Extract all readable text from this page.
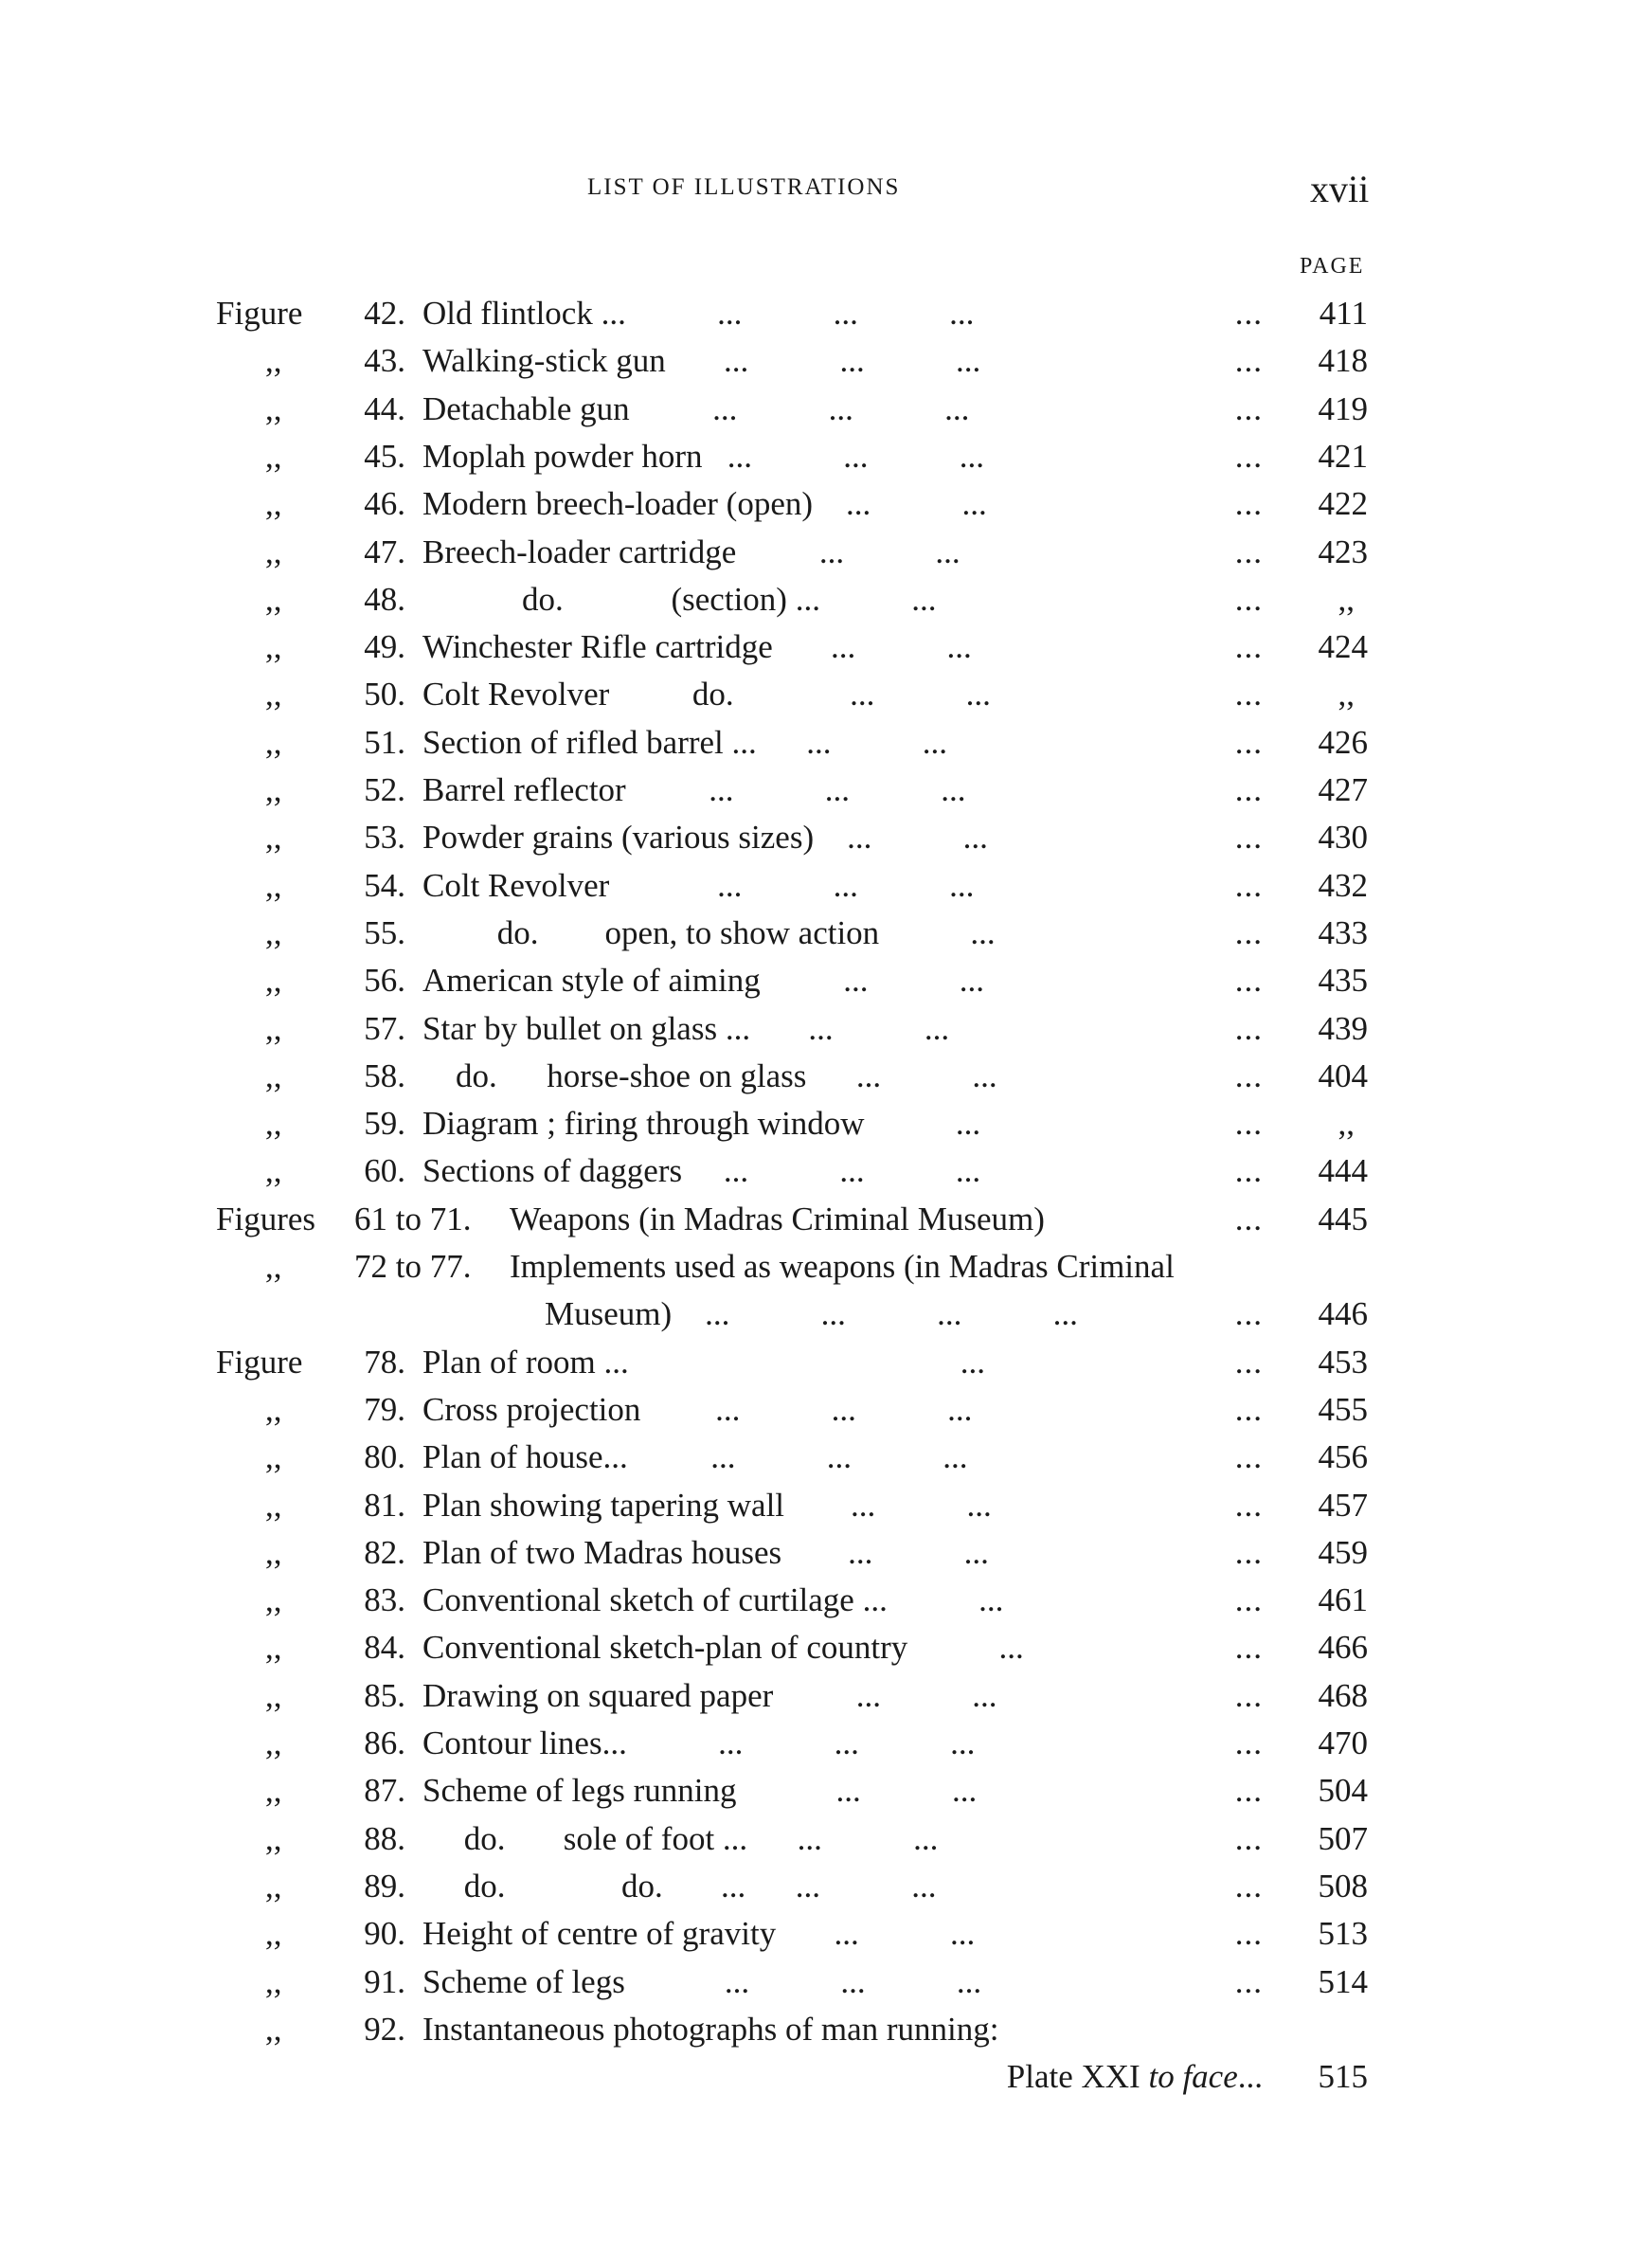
LIST OF ILLUSTRATIONS	xvii
PAGE
Figure	42. Old flintlock ...           ...           ...           ...	...	411
,,	43. Walking-stick gun       ...           ...           ...	...	418
,,	44. Detachable gun          ...           ...           ...	...	419
,,	45. Moplah powder horn   ...           ...           ...	...	421
,,	46. Modern breech-loader (open)    ...           ...	...	422
,,	47. Breech-loader cartridge          ...           ...	...	423
,,	48. do.             (section) ...           ...	...	,,
,,	49. Winchester Rifle cartridge       ...           ...	...	424
,,	50. Colt Revolver          do.              ...           ...	...	,,
,,	51. Section of rifled barrel ...      ...           ...	...	426
,,	52. Barrel reflector          ...           ...           ...	...	427
,,	53. Powder grains (various sizes)    ...           ...	...	430
,,	54. Colt Revolver             ...           ...           ...	...	432
,,	55. do.        open, to show action           ...	...	433
,,	56. American style of aiming          ...           ...	...	435
,,	57. Star by bullet on glass ...       ...           ...	...	439
,,	58. do.      horse-shoe on glass      ...           ...	...	404
,,	59. Diagram ; firing through window           ...	...	,,
,,	60. Sections of daggers     ...           ...           ...	...	444
Figures 61 to 71. Weapons (in Madras Criminal Museum)	...	445
,, 72 to 77. Implements used as weapons (in Madras Criminal
Museum)    ...           ...           ...           ...	...	446
Figure	78. Plan of room ...                                        ...	...	453
,,	79. Cross projection         ...           ...           ...	...	455
,,	80. Plan of house...          ...           ...           ...	...	456
,,	81. Plan showing tapering wall        ...           ...	...	457
,,	82. Plan of two Madras houses        ...           ...	...	459
,,	83. Conventional sketch of curtilage ...           ...	...	461
,,	84. Conventional sketch-plan of country           ...	...	466
,,	85. Drawing on squared paper          ...           ...	...	468
,,	86. Contour lines...           ...           ...           ...	...	470
,,	87. Scheme of legs running            ...           ...	...	504
,,	88. do.       sole of foot ...      ...           ...	...	507
,,	89. do.              do.       ...      ...           ...	...	508
,,	90. Height of centre of gravity       ...           ...	...	513
,,	91. Scheme of legs            ...           ...           ...	...	514
,,	92. Instantaneous photographs of man running:
Plate XXI to face...	515
